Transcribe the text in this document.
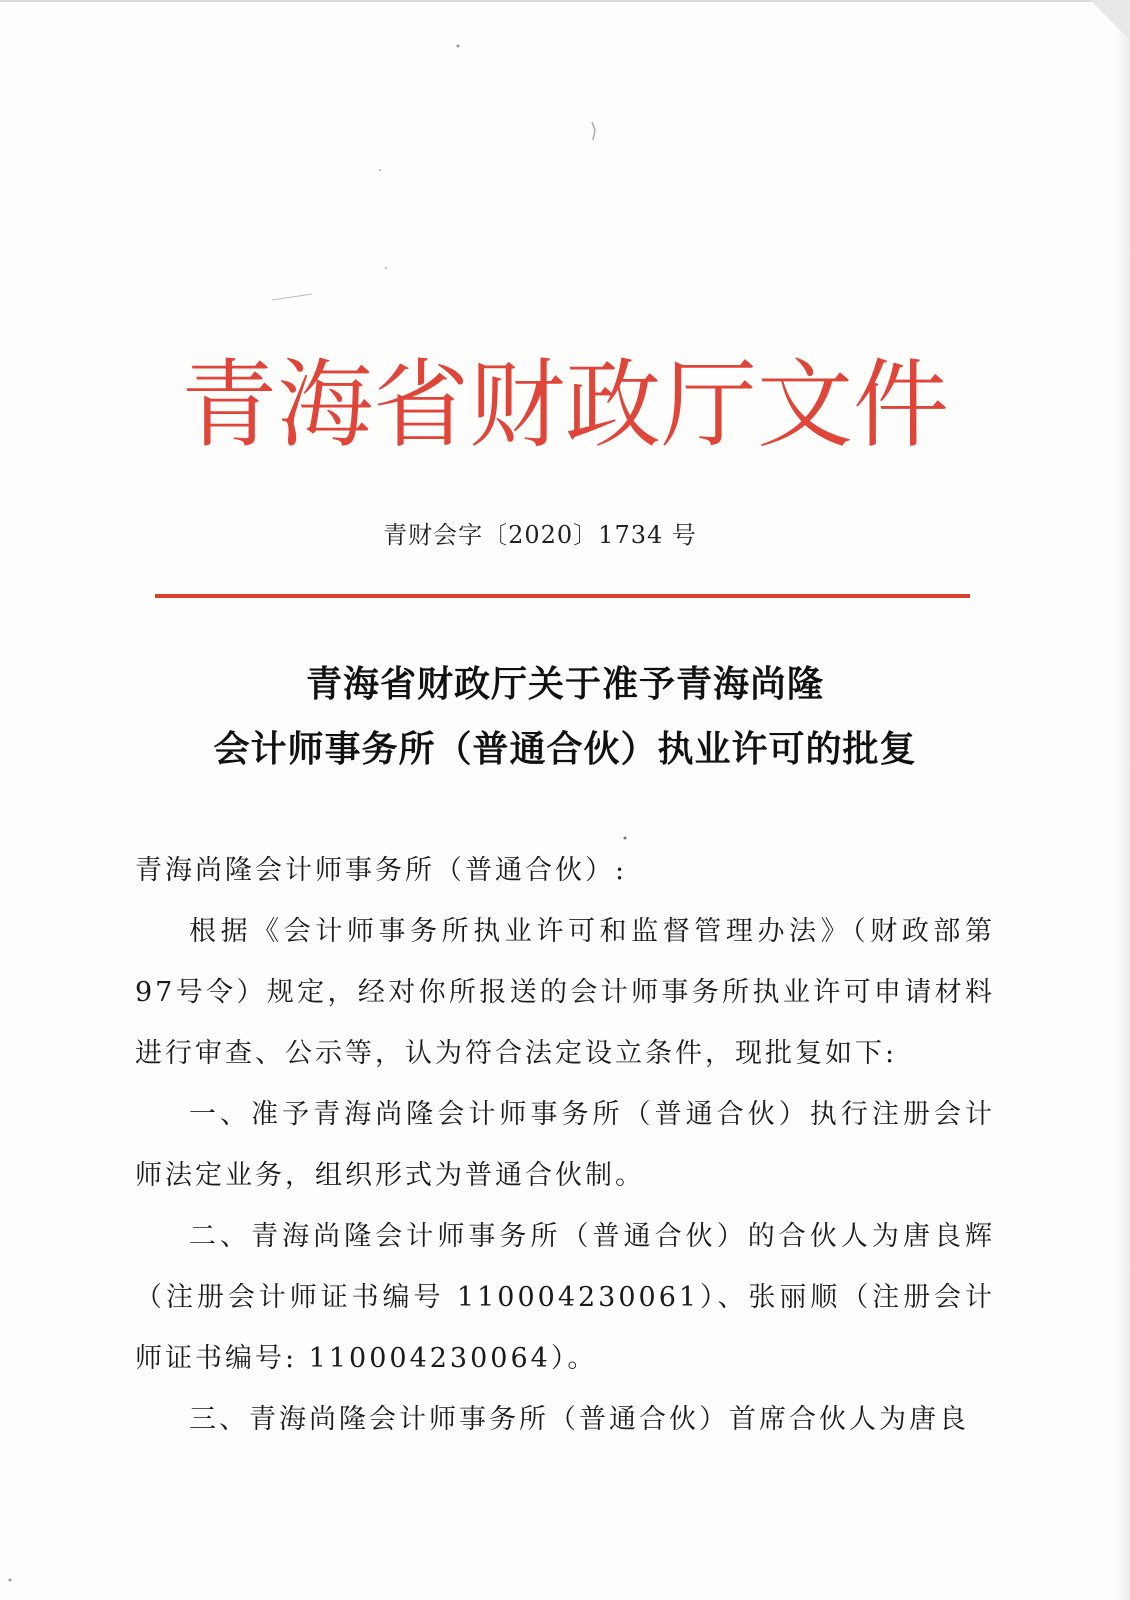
青海省财政厅文件
青财会字〔2020〕1734 号
青海省财政厅关于准予青海尚隆
会计师事务所（普通合伙）执业许可的批复

青海尚隆会计师事务所（普通合伙）:

根据《会计师事务所执业许可和监督管理办法》（财政部第97号令）规定，经对你所报送的会计师事务所执业许可申请材料进行审查、公示等，认为符合法定设立条件，现批复如下:

一、准予青海尚隆会计师事务所（普通合伙）执行注册会计师法定业务，组织形式为普通合伙制。

二、青海尚隆会计师事务所（普通合伙）的合伙人为唐良辉（注册会计师证书编号 110004230061）、张丽顺（注册会计师证书编号: 110004230064）。

三、青海尚隆会计师事务所（普通合伙）首席合伙人为唐良
